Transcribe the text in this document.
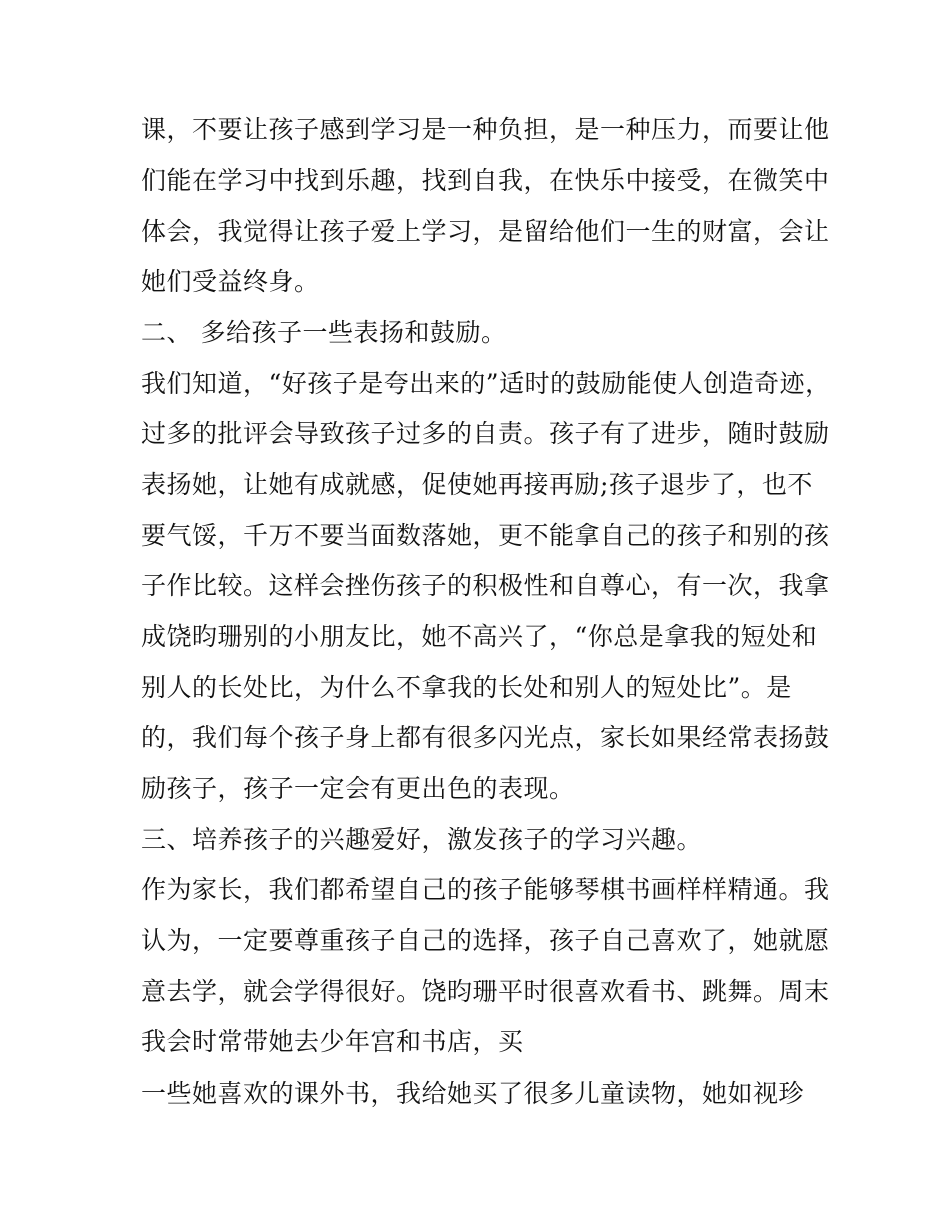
课，不要让孩子感到学习是一种负担，是一种压力，而要让他
们能在学习中找到乐趣，找到自我，在快乐中接受，在微笑中
体会，我觉得让孩子爱上学习，是留给他们一生的财富，会让
她们受益终身。
二、 多给孩子一些表扬和鼓励。
我们知道，“好孩子是夸出来的”适时的鼓励能使人创造奇迹，
过多的批评会导致孩子过多的自责。孩子有了进步，随时鼓励
表扬她，让她有成就感，促使她再接再励;孩子退步了，也不
要气馁，千万不要当面数落她，更不能拿自己的孩子和别的孩
子作比较。这样会挫伤孩子的积极性和自尊心，有一次，我拿
成饶昀珊别的小朋友比，她不高兴了，“你总是拿我的短处和
别人的长处比，为什么不拿我的长处和别人的短处比”。是
的，我们每个孩子身上都有很多闪光点，家长如果经常表扬鼓
励孩子，孩子一定会有更出色的表现。
三、培养孩子的兴趣爱好，激发孩子的学习兴趣。
作为家长，我们都希望自己的孩子能够琴棋书画样样精通。我
认为，一定要尊重孩子自己的选择，孩子自己喜欢了，她就愿
意去学，就会学得很好。饶昀珊平时很喜欢看书、跳舞。周末
我会时常带她去少年宫和书店，买
一些她喜欢的课外书，我给她买了很多儿童读物，她如视珍
